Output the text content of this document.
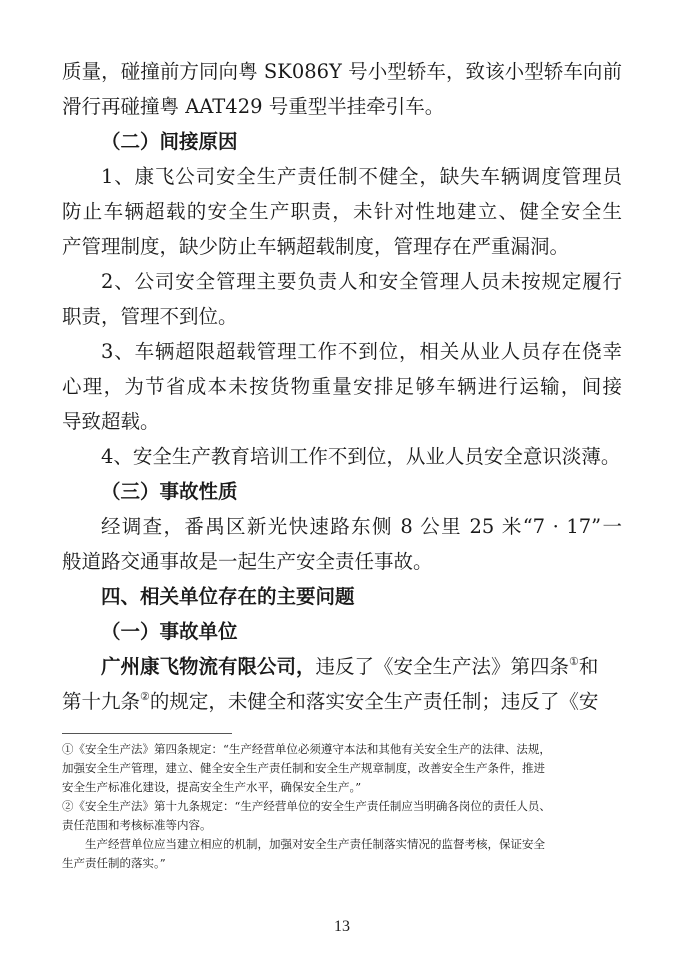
质量，碰撞前方同向粤 SK086Y 号小型轿车，致该小型轿车向前
滑行再碰撞粤 AAT429 号重型半挂牵引车。
（二）间接原因
1、康飞公司安全生产责任制不健全，缺失车辆调度管理员
防止车辆超载的安全生产职责，未针对性地建立、健全安全生
产管理制度，缺少防止车辆超载制度，管理存在严重漏洞。
2、公司安全管理主要负责人和安全管理人员未按规定履行
职责，管理不到位。
3、车辆超限超载管理工作不到位，相关从业人员存在侥幸
心理，为节省成本未按货物重量安排足够车辆进行运输，间接
导致超载。
4、安全生产教育培训工作不到位，从业人员安全意识淡薄。
（三）事故性质
经调查，番禺区新光快速路东侧 8 公里 25 米“7 · 17”一
般道路交通事故是一起生产安全责任事故。
四、相关单位存在的主要问题
（一）事故单位
广州康飞物流有限公司，违反了《安全生产法》第四条①和
第十九条②的规定，未健全和落实安全生产责任制；违反了《安
①《安全生产法》第四条规定：“生产经营单位必须遵守本法和其他有关安全生产的法律、法规，
加强安全生产管理，建立、健全安全生产责任制和安全生产规章制度，改善安全生产条件，推进
安全生产标准化建设，提高安全生产水平，确保安全生产。”
②《安全生产法》第十九条规定：“生产经营单位的安全生产责任制应当明确各岗位的责任人员、
责任范围和考核标准等内容。
生产经营单位应当建立相应的机制，加强对安全生产责任制落实情况的监督考核，保证安全
生产责任制的落实。”
13
